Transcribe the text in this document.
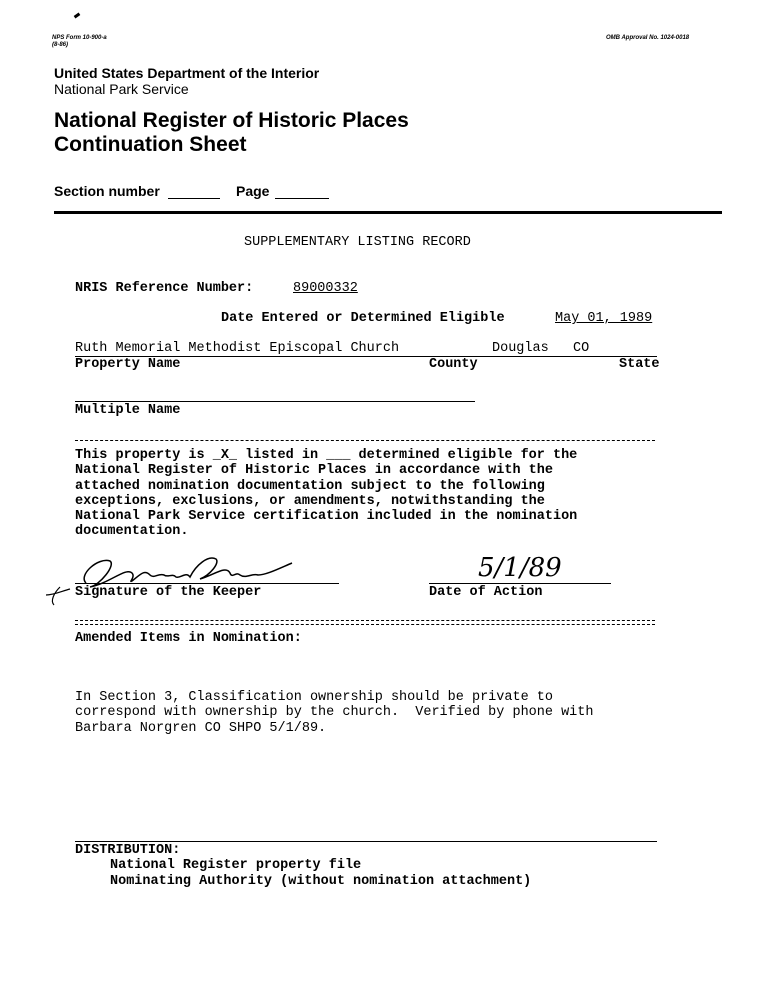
NPS Form 10-900-a
(8-86)
OMB Approval No. 1024-0018
United States Department of the Interior
National Park Service
National Register of Historic Places
Continuation Sheet
Section number	Page
SUPPLEMENTARY LISTING RECORD
NRIS Reference Number:	89000332
Date Entered or Determined Eligible	May 01, 1989
Ruth Memorial Methodist Episcopal Church	Douglas CO
Property Name	County	State
Multiple Name
This property is _X_ listed in ___ determined eligible for the
National Register of Historic Places in accordance with the
attached nomination documentation subject to the following
exceptions, exclusions, or amendments, notwithstanding the
National Park Service certification included in the nomination
documentation.
Signature of the Keeper
5/1/89
Date of Action
Amended Items in Nomination:
In Section 3, Classification ownership should be private to
correspond with ownership by the church.  Verified by phone with
Barbara Norgren CO SHPO 5/1/89.
DISTRIBUTION:
National Register property file
Nominating Authority (without nomination attachment)
